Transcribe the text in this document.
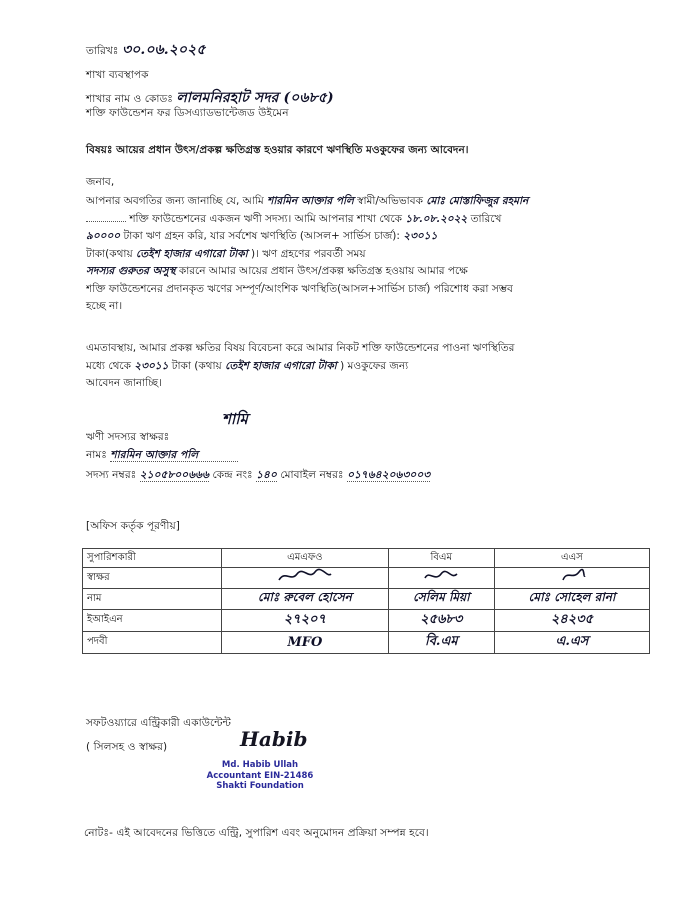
তারিখঃ ৩০.০৬.২০২৫
শাখা ব্যবস্থাপক
শাখার নাম ও কোডঃ লালমনিরহাট সদর (০৬৮৫)
শক্তি ফাউন্ডেশন ফর ডিসএ্যাডভান্টেজড উইমেন
বিষয়ঃ আয়ের প্রধান উৎস/প্রকল্প ক্ষতিগ্রস্ত হওয়ার কারণে ঋণস্থিতি মওকুফের জন্য আবেদন।
জনাব,
আপনার অবগতির জন্য জানাচ্ছি যে, আমি শারমিন আক্তার পলি স্বামী/অভিভাবক মোঃ মোস্তাফিজুর রহমান
শক্তি ফাউন্ডেশনের একজন ঋণী সদস্য। আমি আপনার শাখা থেকে ১৮.০৮.২০২২ তারিখে
৯০০০০ টাকা ঋণ গ্রহন করি, যার সর্বশেষ ঋণস্থিতি (আসল+ সার্ভিস চার্জ): ২৩০১১
টাকা(কথায় তেইশ হাজার এগারো টাকা )। ঋণ গ্রহণের পরবর্তী সময়
সদস্যর গুরুতর অসুস্থ কারনে আমার আয়ের প্রধান উৎস/প্রকল্প ক্ষতিগ্রস্ত হওয়ায় আমার পক্ষে
শক্তি ফাউন্ডেশনের প্রদানকৃত ঋণের সম্পূর্ণ/আংশিক ঋণস্থিতি(আসল+সার্ভিস চার্জ) পরিশোধ করা সম্ভব
হচ্ছে না।
এমতাবস্থায়, আমার প্রকল্প ক্ষতির বিষয় বিবেচনা করে আমার নিকট শক্তি ফাউন্ডেশনের পাওনা ঋণস্থিতির
মধ্যে থেকে ২৩০১১ টাকা (কথায় তেইশ হাজার এগারো টাকা ) মওকুফের জন্য
আবেদন জানাচ্ছি।
শামি
ঋণী সদস্যর স্বাক্ষরঃ
নামঃ শারমিন আক্তার পলি
সদস্য নম্বরঃ ২১০৫৮০০৬৬৬ কেন্দ্র নংঃ ১৪০ মোবাইল নম্বরঃ ০১৭৬৪২০৬৩০০৩
[অফিস কর্তৃক পূরণীয়]
সুপারিশকারী	এমএফও	বিএম	এএস
স্বাক্ষর			
নাম	মোঃ রুবেল হোসেন	সেলিম মিয়া	মোঃ সোহেল রানা
ইআইএন	২৭২০৭	২৫৬৮৩	২৪২৩৫
পদবী	MFO	বি.এম	এ.এস
সফটওয়্যারে এন্ট্রিকারী একাউন্টেন্ট
( সিলসহ ও স্বাক্ষর)	Habib
Md. Habib Ullah
Accountant EIN-21486
Shakti Foundation
নোটঃ- এই আবেদনের ভিত্তিতে এন্ট্রি, সুপারিশ এবং অনুমোদন প্রক্রিয়া সম্পন্ন হবে।
